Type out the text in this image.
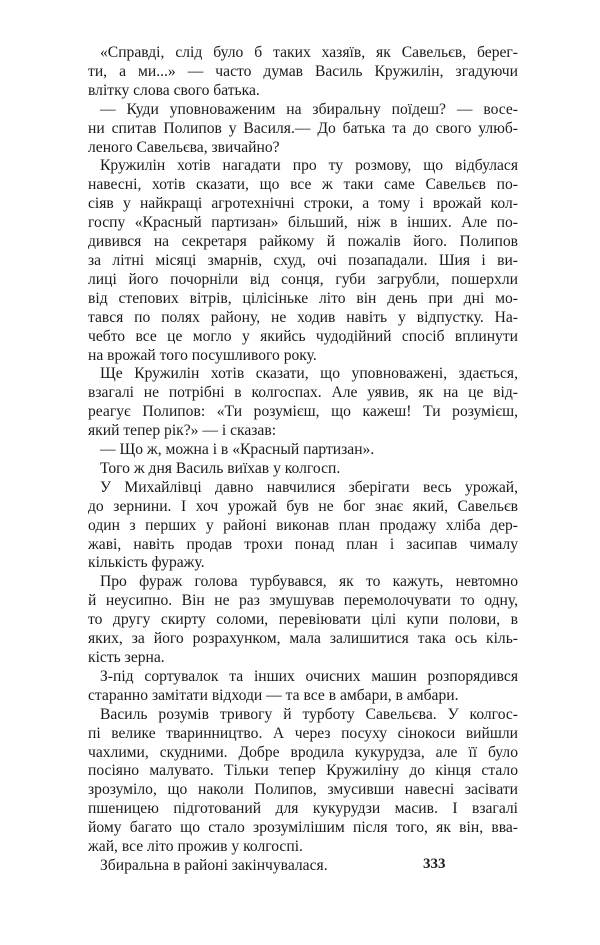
«Справді, слід було б таких хазяїв, як Савельєв, берег-
ти, а ми...» — часто думав Василь Кружилін, згадуючи
влітку слова свого батька.

— Куди уповноваженим на збиральну поїдеш? — восе-
ни спитав Полипов у Василя.— До батька та до свого улюб-
леного Савельєва, звичайно?

Кружилін хотів нагадати про ту розмову, що відбулася
навесні, хотів сказати, що все ж таки саме Савельєв по-
сіяв у найкращі агротехнічні строки, а тому і врожай кол-
госпу «Красный партизан» більший, ніж в інших. Але по-
дивився на секретаря райкому й пожалів його. Полипов
за літні місяці змарнів, схуд, очі позападали. Шия і ви-
лиці його почорніли від сонця, губи загрубли, пошерхли
від степових вітрів, цілісіньке літо він день при дні мо-
тався по полях району, не ходив навіть у відпустку. На-
чебто все це могло у якийсь чудодійний спосіб вплинути
на врожай того посушливого року.

Ще Кружилін хотів сказати, що уповноважені, здається,
взагалі не потрібні в колгоспах. Але уявив, як на це від-
реагує Полипов: «Ти розумієш, що кажеш! Ти розумієш,
який тепер рік?» — і сказав:

— Що ж, можна і в «Красный партизан».

Того ж дня Василь виїхав у колгосп.

У Михайлівці давно навчилися зберігати весь урожай,
до зернини. І хоч урожай був не бог знає який, Савельєв
один з перших у районі виконав план продажу хліба дер-
жаві, навіть продав трохи понад план і засипав чималу
кількість фуражу.

Про фураж голова турбувався, як то кажуть, невтомно
й неусипно. Він не раз змушував перемолочувати то одну,
то другу скирту соломи, перевіювати цілі купи полови, в
яких, за його розрахунком, мала залишитися така ось кіль-
кість зерна.

З-під сортувалок та інших очисних машин розпорядився
старанно замітати відходи — та все в амбари, в амбари.

Василь розумів тривогу й турботу Савельєва. У колгос-
пі велике тваринництво. А через посуху сінокоси вийшли
чахлими, скудними. Добре вродила кукурудза, але її було
посіяно малувато. Тільки тепер Кружиліну до кінця стало
зрозуміло, що наколи Полипов, змусивши навесні засівати
пшеницею підготований для кукурудзи масив. І взагалі
йому багато що стало зрозумілішим після того, як він, вва-
жай, все літо прожив у колгоспі.

Збиральна в районі закінчувалася.	333
